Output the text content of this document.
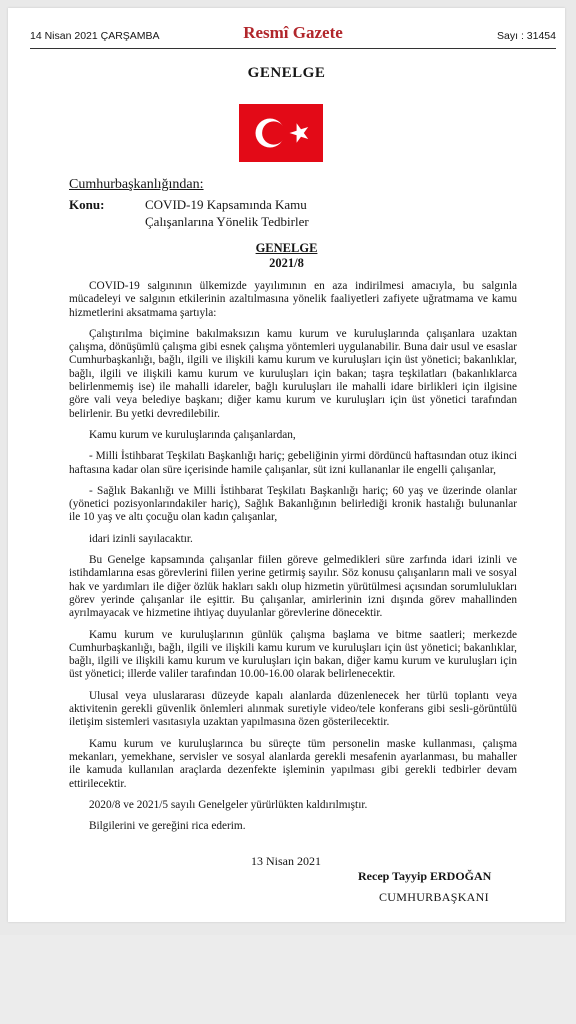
14 Nisan 2021 ÇARŞAMBA	Resmî Gazete	Sayı : 31454
GENELGE
Cumhurbaşkanlığından:
Konu:	COVID-19 Kapsamında Kamu
Çalışanlarına Yönelik Tedbirler
GENELGE
2021/8

COVID-19 salgınının ülkemizde yayılımının en aza indirilmesi amacıyla, bu salgınla mücadeleyi ve salgının etkilerinin azaltılmasına yönelik faaliyetleri zafiyete uğratmama ve kamu hizmetlerini aksatmama şartıyla:

Çalıştırılma biçimine bakılmaksızın kamu kurum ve kuruluşlarında çalışanlara uzaktan çalışma, dönüşümlü çalışma gibi esnek çalışma yöntemleri uygulanabilir. Buna dair usul ve esaslar Cumhurbaşkanlığı, bağlı, ilgili ve ilişkili kamu kurum ve kuruluşları için üst yönetici; bakanlıklar, bağlı, ilgili ve ilişkili kamu kurum ve kuruluşları için bakan; taşra teşkilatları (bakanlıklarca belirlenmemiş ise) ile mahalli idareler, bağlı kuruluşları ile mahalli idare birlikleri için ilgisine göre vali veya belediye başkanı; diğer kamu kurum ve kuruluşları için üst yönetici tarafından belirlenir. Bu yetki devredilebilir.

Kamu kurum ve kuruluşlarında çalışanlardan,

- Milli İstihbarat Teşkilatı Başkanlığı hariç; gebeliğinin yirmi dördüncü haftasından otuz ikinci haftasına kadar olan süre içerisinde hamile çalışanlar, süt izni kullananlar ile engelli çalışanlar,

- Sağlık Bakanlığı ve Milli İstihbarat Teşkilatı Başkanlığı hariç; 60 yaş ve üzerinde olanlar (yönetici pozisyonlarındakiler hariç), Sağlık Bakanlığının belirlediği kronik hastalığı bulunanlar ile 10 yaş ve altı çocuğu olan kadın çalışanlar,

idari izinli sayılacaktır.

Bu Genelge kapsamında çalışanlar fiilen göreve gelmedikleri süre zarfında idari izinli ve istihdamlarına esas görevlerini fiilen yerine getirmiş sayılır. Söz konusu çalışanların mali ve sosyal hak ve yardımları ile diğer özlük hakları saklı olup hizmetin yürütülmesi açısından sorumlulukları görev yerinde çalışanlar ile eşittir. Bu çalışanlar, amirlerinin izni dışında görev mahallinden ayrılmayacak ve hizmetine ihtiyaç duyulanlar görevlerine dönecektir.

Kamu kurum ve kuruluşlarının günlük çalışma başlama ve bitme saatleri; merkezde Cumhurbaşkanlığı, bağlı, ilgili ve ilişkili kamu kurum ve kuruluşları için üst yönetici; bakanlıklar, bağlı, ilgili ve ilişkili kamu kurum ve kuruluşları için bakan, diğer kamu kurum ve kuruluşları için üst yönetici; illerde valiler tarafından 10.00-16.00 olarak belirlenecektir.

Ulusal veya uluslararası düzeyde kapalı alanlarda düzenlenecek her türlü toplantı veya aktivitenin gerekli güvenlik önlemleri alınmak suretiyle video/tele konferans gibi sesli-görüntülü iletişim sistemleri vasıtasıyla uzaktan yapılmasına özen gösterilecektir.

Kamu kurum ve kuruluşlarınca bu süreçte tüm personelin maske kullanması, çalışma mekanları, yemekhane, servisler ve sosyal alanlarda gerekli mesafenin ayarlanması, bu mahaller ile kamuda kullanılan araçlarda dezenfekte işleminin yapılması gibi gerekli tedbirler devam ettirilecektir.

2020/8 ve 2021/5 sayılı Genelgeler yürürlükten kaldırılmıştır.

Bilgilerini ve gereğini rica ederim.

13 Nisan 2021
Recep Tayyip ERDOĞAN
CUMHURBAŞKANI
